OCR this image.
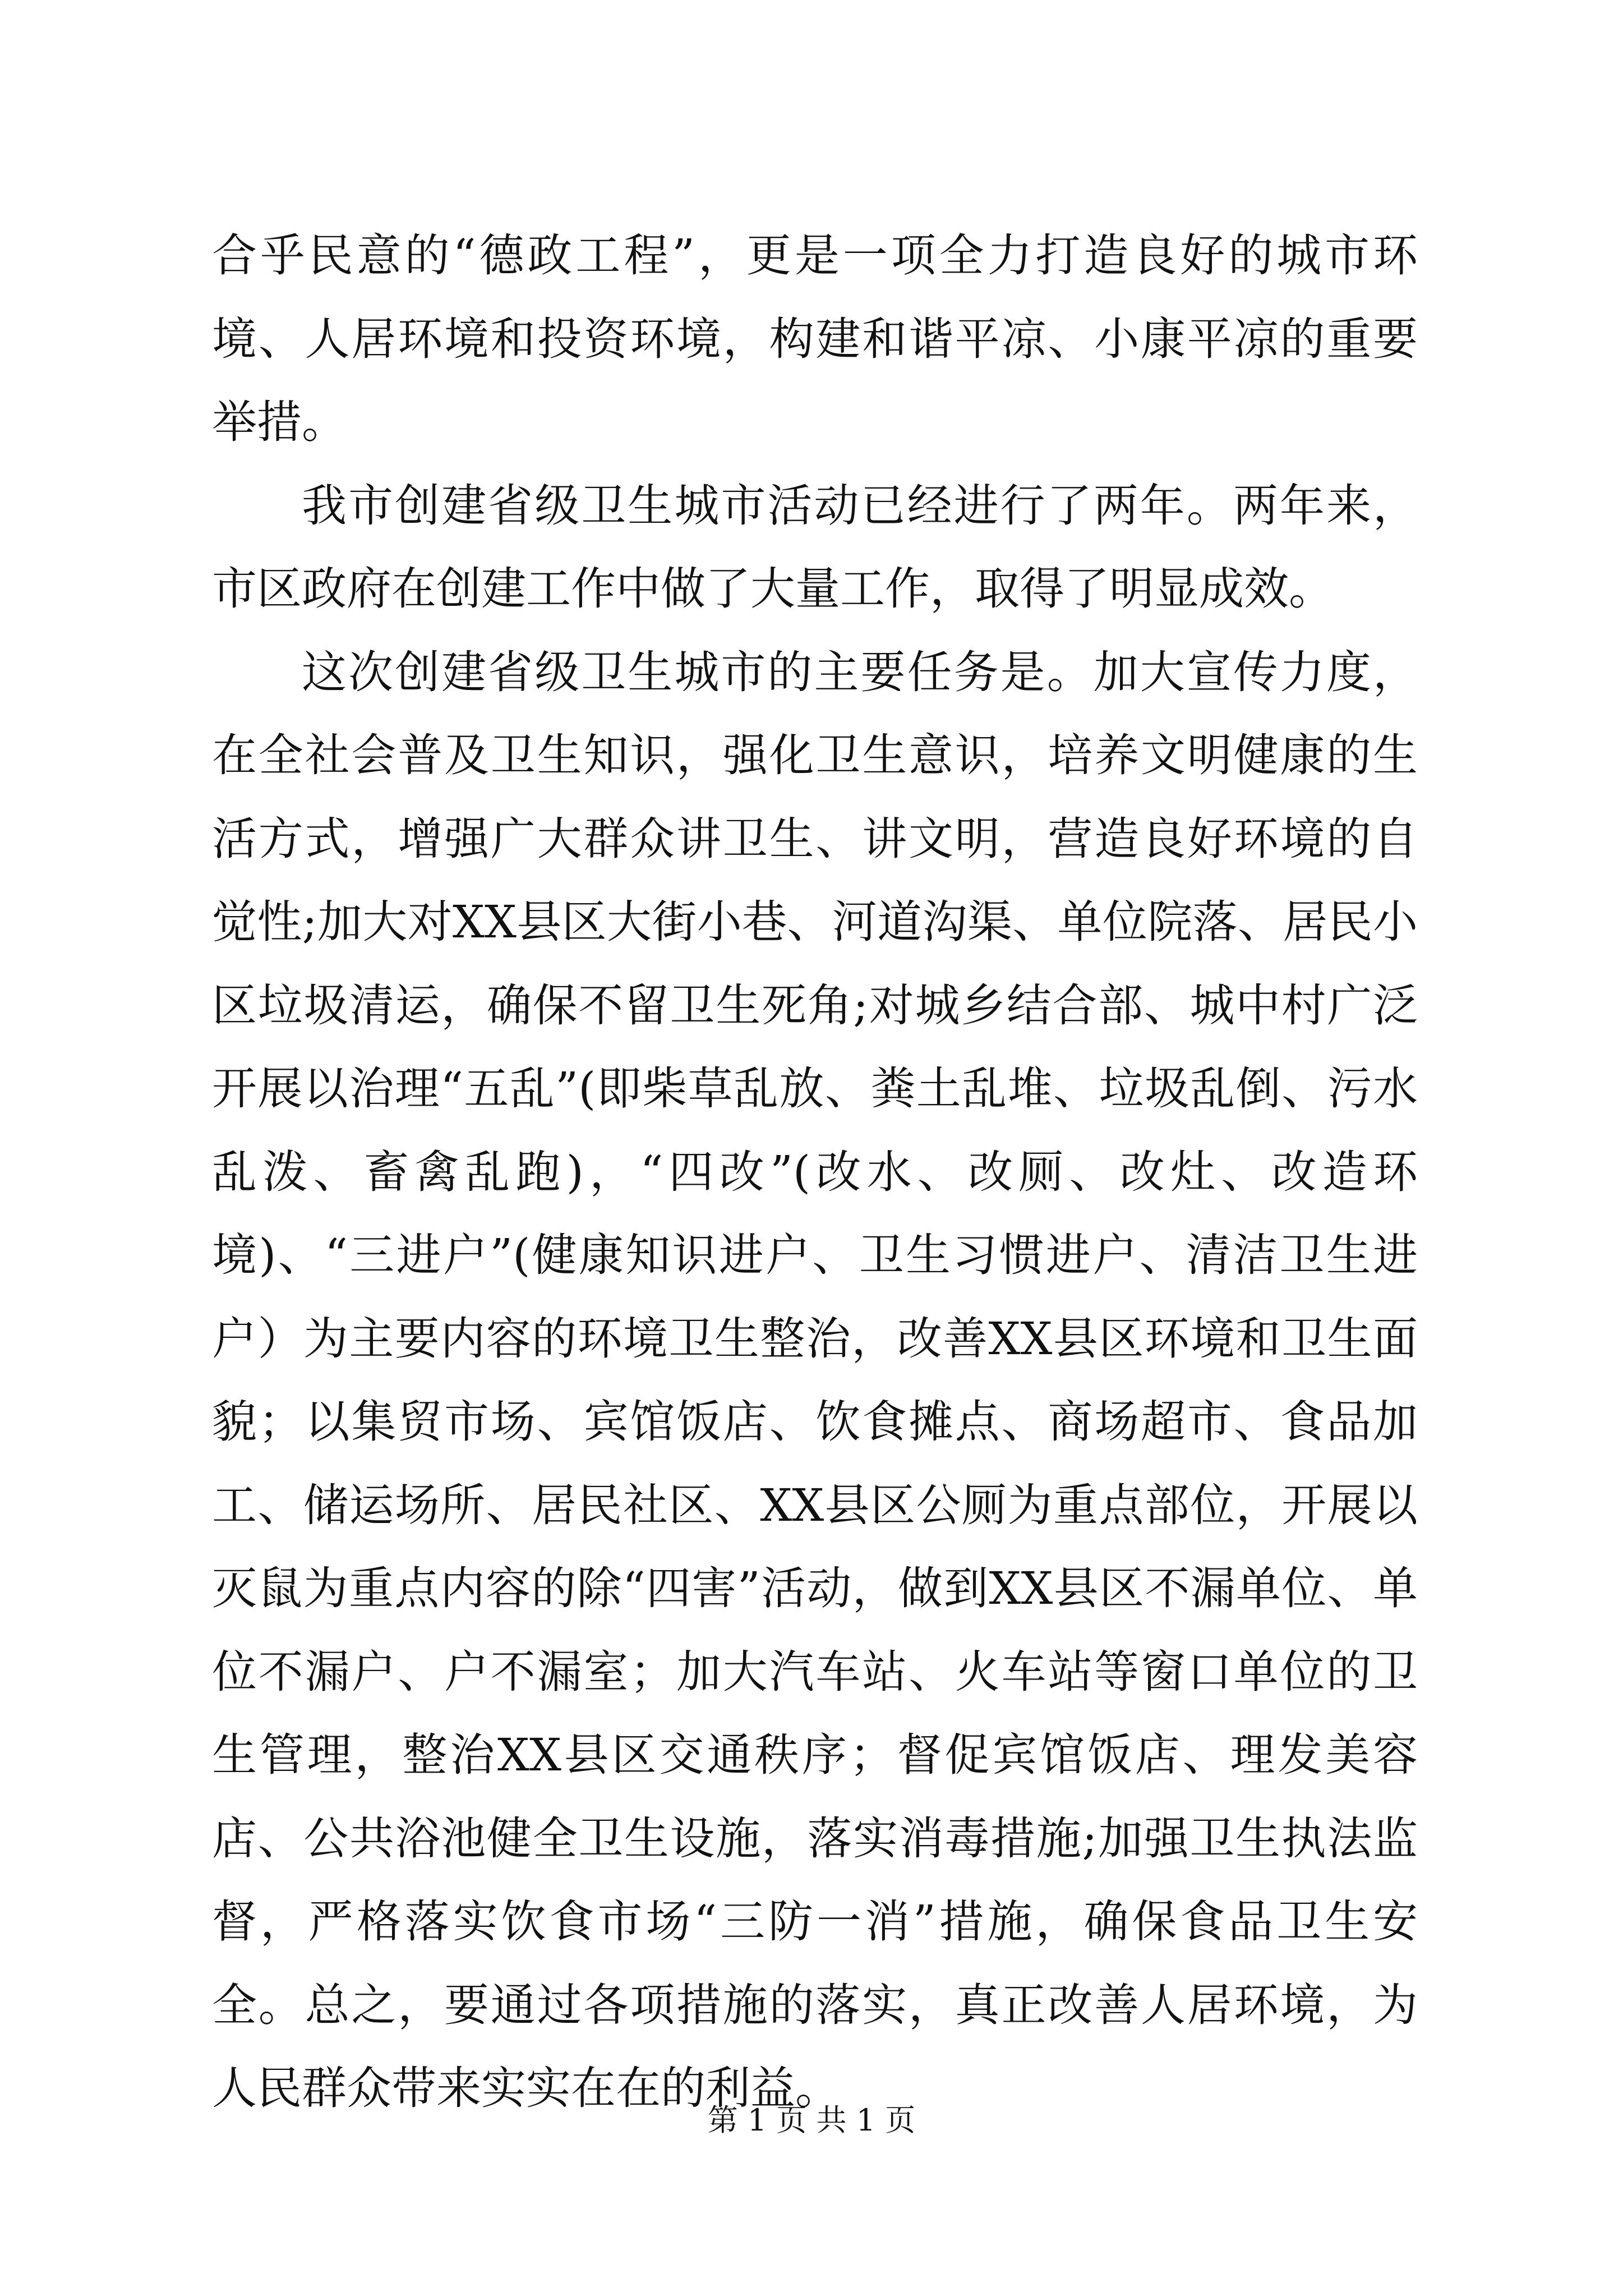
合乎民意的“德政工程”，更是一项全力打造良好的城市环境、人居环境和投资环境，构建和谐平凉、小康平凉的重要举措。

我市创建省级卫生城市活动已经进行了两年。两年来，市区政府在创建工作中做了大量工作，取得了明显成效。

这次创建省级卫生城市的主要任务是。加大宣传力度，在全社会普及卫生知识，强化卫生意识，培养文明健康的生活方式，增强广大群众讲卫生、讲文明，营造良好环境的自觉性;加大对XX县区大街小巷、河道沟渠、单位院落、居民小区垃圾清运，确保不留卫生死角;对城乡结合部、城中村广泛开展以治理“五乱”(即柴草乱放、粪土乱堆、垃圾乱倒、污水乱泼、畜禽乱跑)，“四改”(改水、改厕、改灶、改造环境)、“三进户”(健康知识进户、卫生习惯进户、清洁卫生进户）为主要内容的环境卫生整治，改善XX县区环境和卫生面貌；以集贸市场、宾馆饭店、饮食摊点、商场超市、食品加工、储运场所、居民社区、XX县区公厕为重点部位，开展以灭鼠为重点内容的除“四害”活动，做到XX县区不漏单位、单位不漏户、户不漏室；加大汽车站、火车站等窗口单位的卫生管理，整治XX县区交通秩序；督促宾馆饭店、理发美容店、公共浴池健全卫生设施，落实消毒措施;加强卫生执法监督，严格落实饮食市场“三防一消”措施，确保食品卫生安全。总之，要通过各项措施的落实，真正改善人居环境，为人民群众带来实实在在的利益。

第 1 页 共 1 页
